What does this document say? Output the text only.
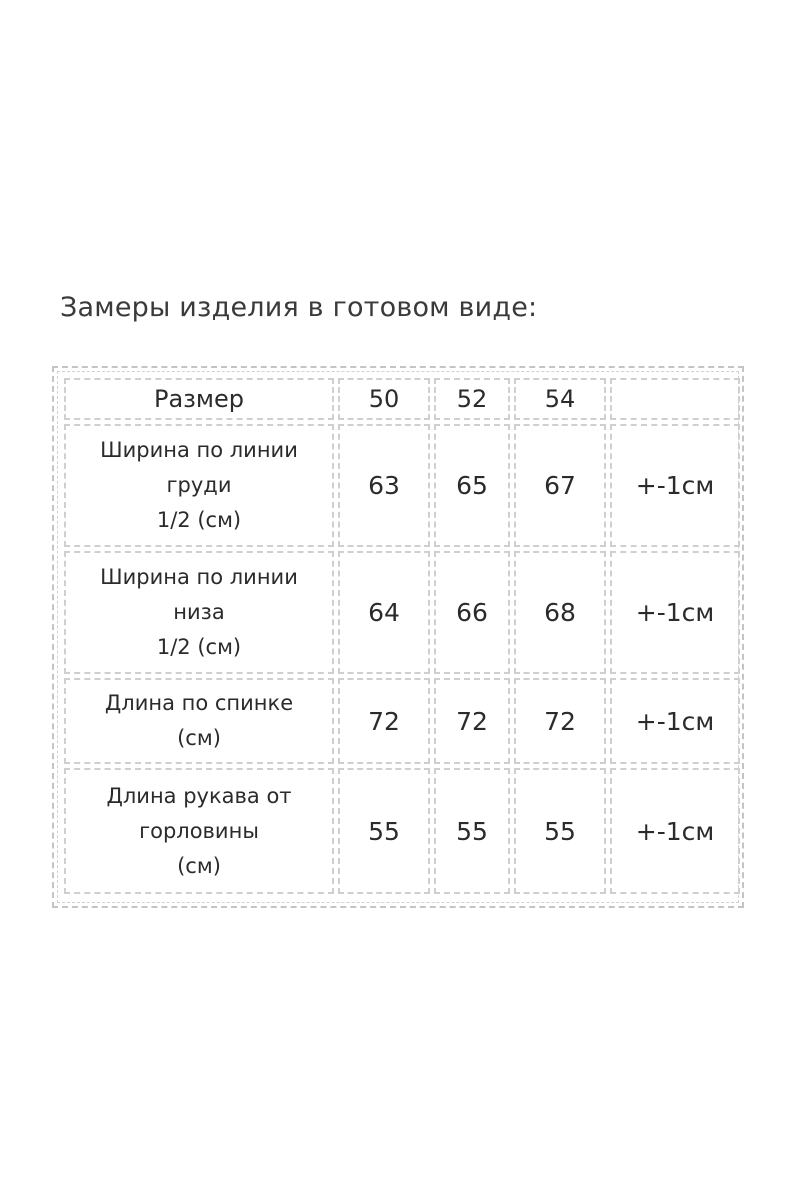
Замеры изделия в готовом виде:
Размер	50	52	54	

Ширина по линии
груди
1/2 (см)	63	65	67	+-1см

Ширина по линии
низа
1/2 (см)	64	66	68	+-1см

Длина по спинке
(см)	72	72	72	+-1см

Длина рукава от
горловины
(см)	55	55	55	+-1см
